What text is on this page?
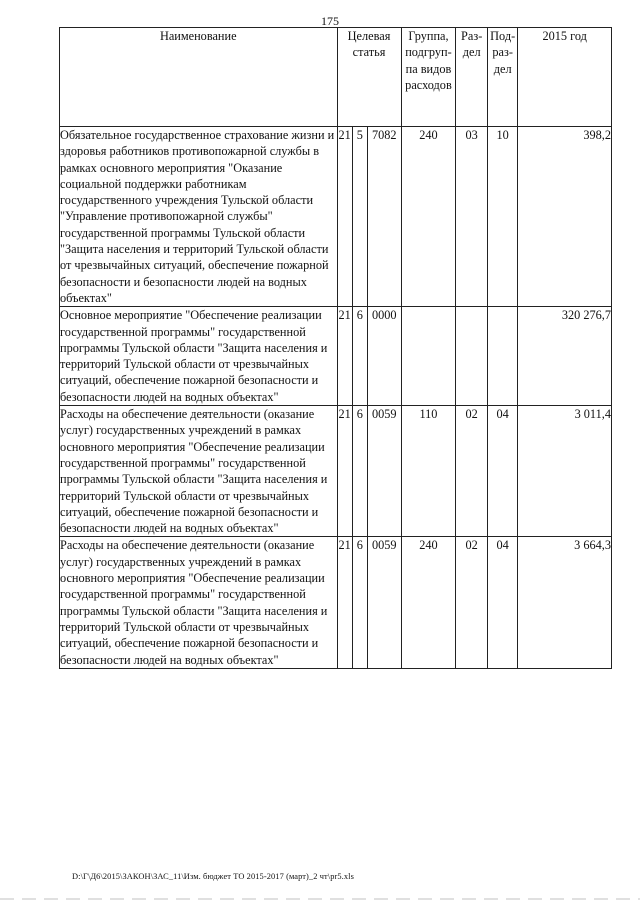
175
Наименование	Целевая статья			Группа, подгруп- па видов расходов	Раз- дел	Под- раз- дел	2015 год
Обязательное государственное страхование жизни и здоровья работников противопожарной службы в рамках основного мероприятия "Оказание социальной поддержки работникам государственного учреждения Тульской области "Управление противопожарной службы" государственной программы Тульской области "Защита населения и территорий Тульской области от чрезвычайных ситуаций, обеспечение пожарной безопасности и безопасности людей на водных объектах"	21	5	7082	240	03	10	398,2
Основное мероприятие "Обеспечение реализации государственной программы" государственной программы Тульской области "Защита населения и территорий Тульской области от чрезвычайных ситуаций, обеспечение пожарной безопасности и безопасности людей на водных объектах"	21	6	0000				320 276,7
Расходы на обеспечение деятельности (оказание услуг) государственных учреждений в рамках основного мероприятия "Обеспечение реализации государственной программы" государственной программы Тульской области "Защита населения и территорий Тульской области от чрезвычайных ситуаций, обеспечение пожарной безопасности и безопасности людей на водных объектах"	21	6	0059	110	02	04	3 011,4
Расходы на обеспечение деятельности (оказание услуг) государственных учреждений в рамках основного мероприятия "Обеспечение реализации государственной программы" государственной программы Тульской области "Защита населения и территорий Тульской области от чрезвычайных ситуаций, обеспечение пожарной безопасности и безопасности людей на водных объектах"	21	6	0059	240	02	04	3 664,3
D:\Г\Д6\2015\ЗАКОН\ЗАС_11\Изм. бюджет ТО 2015-2017 (март)_2 чт\pr5.xls
